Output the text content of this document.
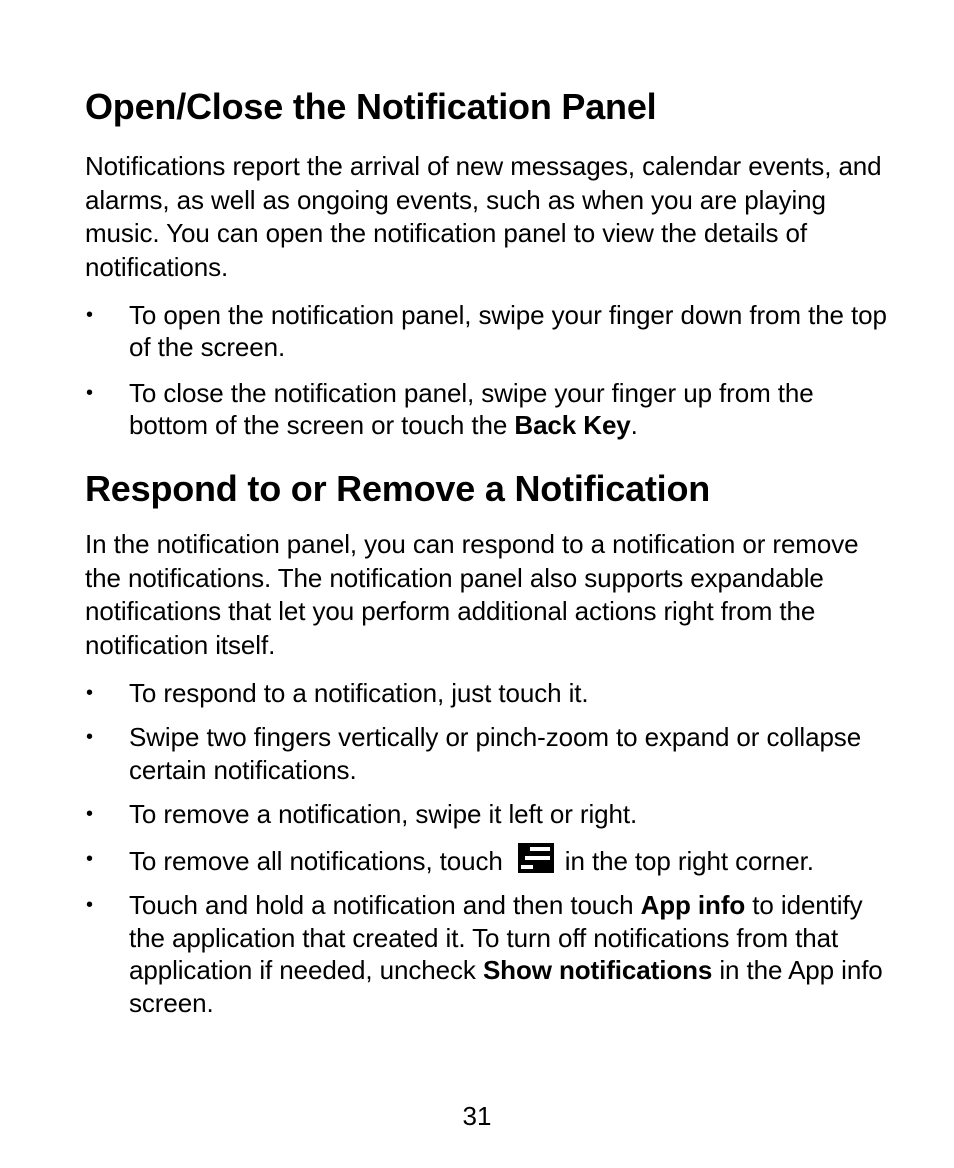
Open/Close the Notification Panel

Notifications report the arrival of new messages, calendar events, and alarms, as well as ongoing events, such as when you are playing music. You can open the notification panel to view the details of notifications.

• To open the notification panel, swipe your finger down from the top of the screen.
• To close the notification panel, swipe your finger up from the bottom of the screen or touch the Back Key.
Respond to or Remove a Notification

In the notification panel, you can respond to a notification or remove the notifications. The notification panel also supports expandable notifications that let you perform additional actions right from the notification itself.

• To respond to a notification, just touch it.
• Swipe two fingers vertically or pinch-zoom to expand or collapse certain notifications.
• To remove a notification, swipe it left or right.
• To remove all notifications, touch in the top right corner.
• Touch and hold a notification and then touch App info to identify the application that created it. To turn off notifications from that application if needed, uncheck Show notifications in the App info screen.
31
